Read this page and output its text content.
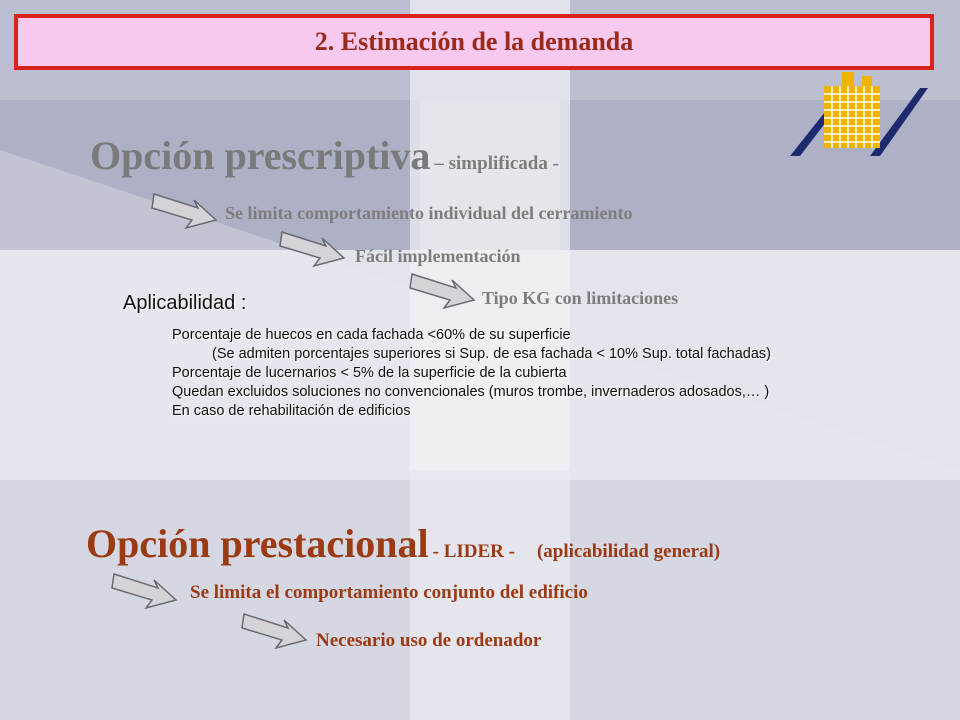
2. Estimación de la demanda
Opción prescriptiva – simplificada -
Se limita comportamiento individual del cerramiento
Fácil implementación
Tipo KG con limitaciones
Aplicabilidad :
Porcentaje de huecos en cada fachada <60% de su superficie
(Se admiten porcentajes superiores si Sup. de esa fachada < 10% Sup. total fachadas)
Porcentaje de lucernarios < 5% de la superficie de la cubierta
Quedan excluidos soluciones no convencionales (muros trombe, invernaderos adosados,… )
En caso de rehabilitación de edificios
Opción prestacional - LIDER - (aplicabilidad general)
Se limita el comportamiento conjunto del edificio
Necesario uso de ordenador
